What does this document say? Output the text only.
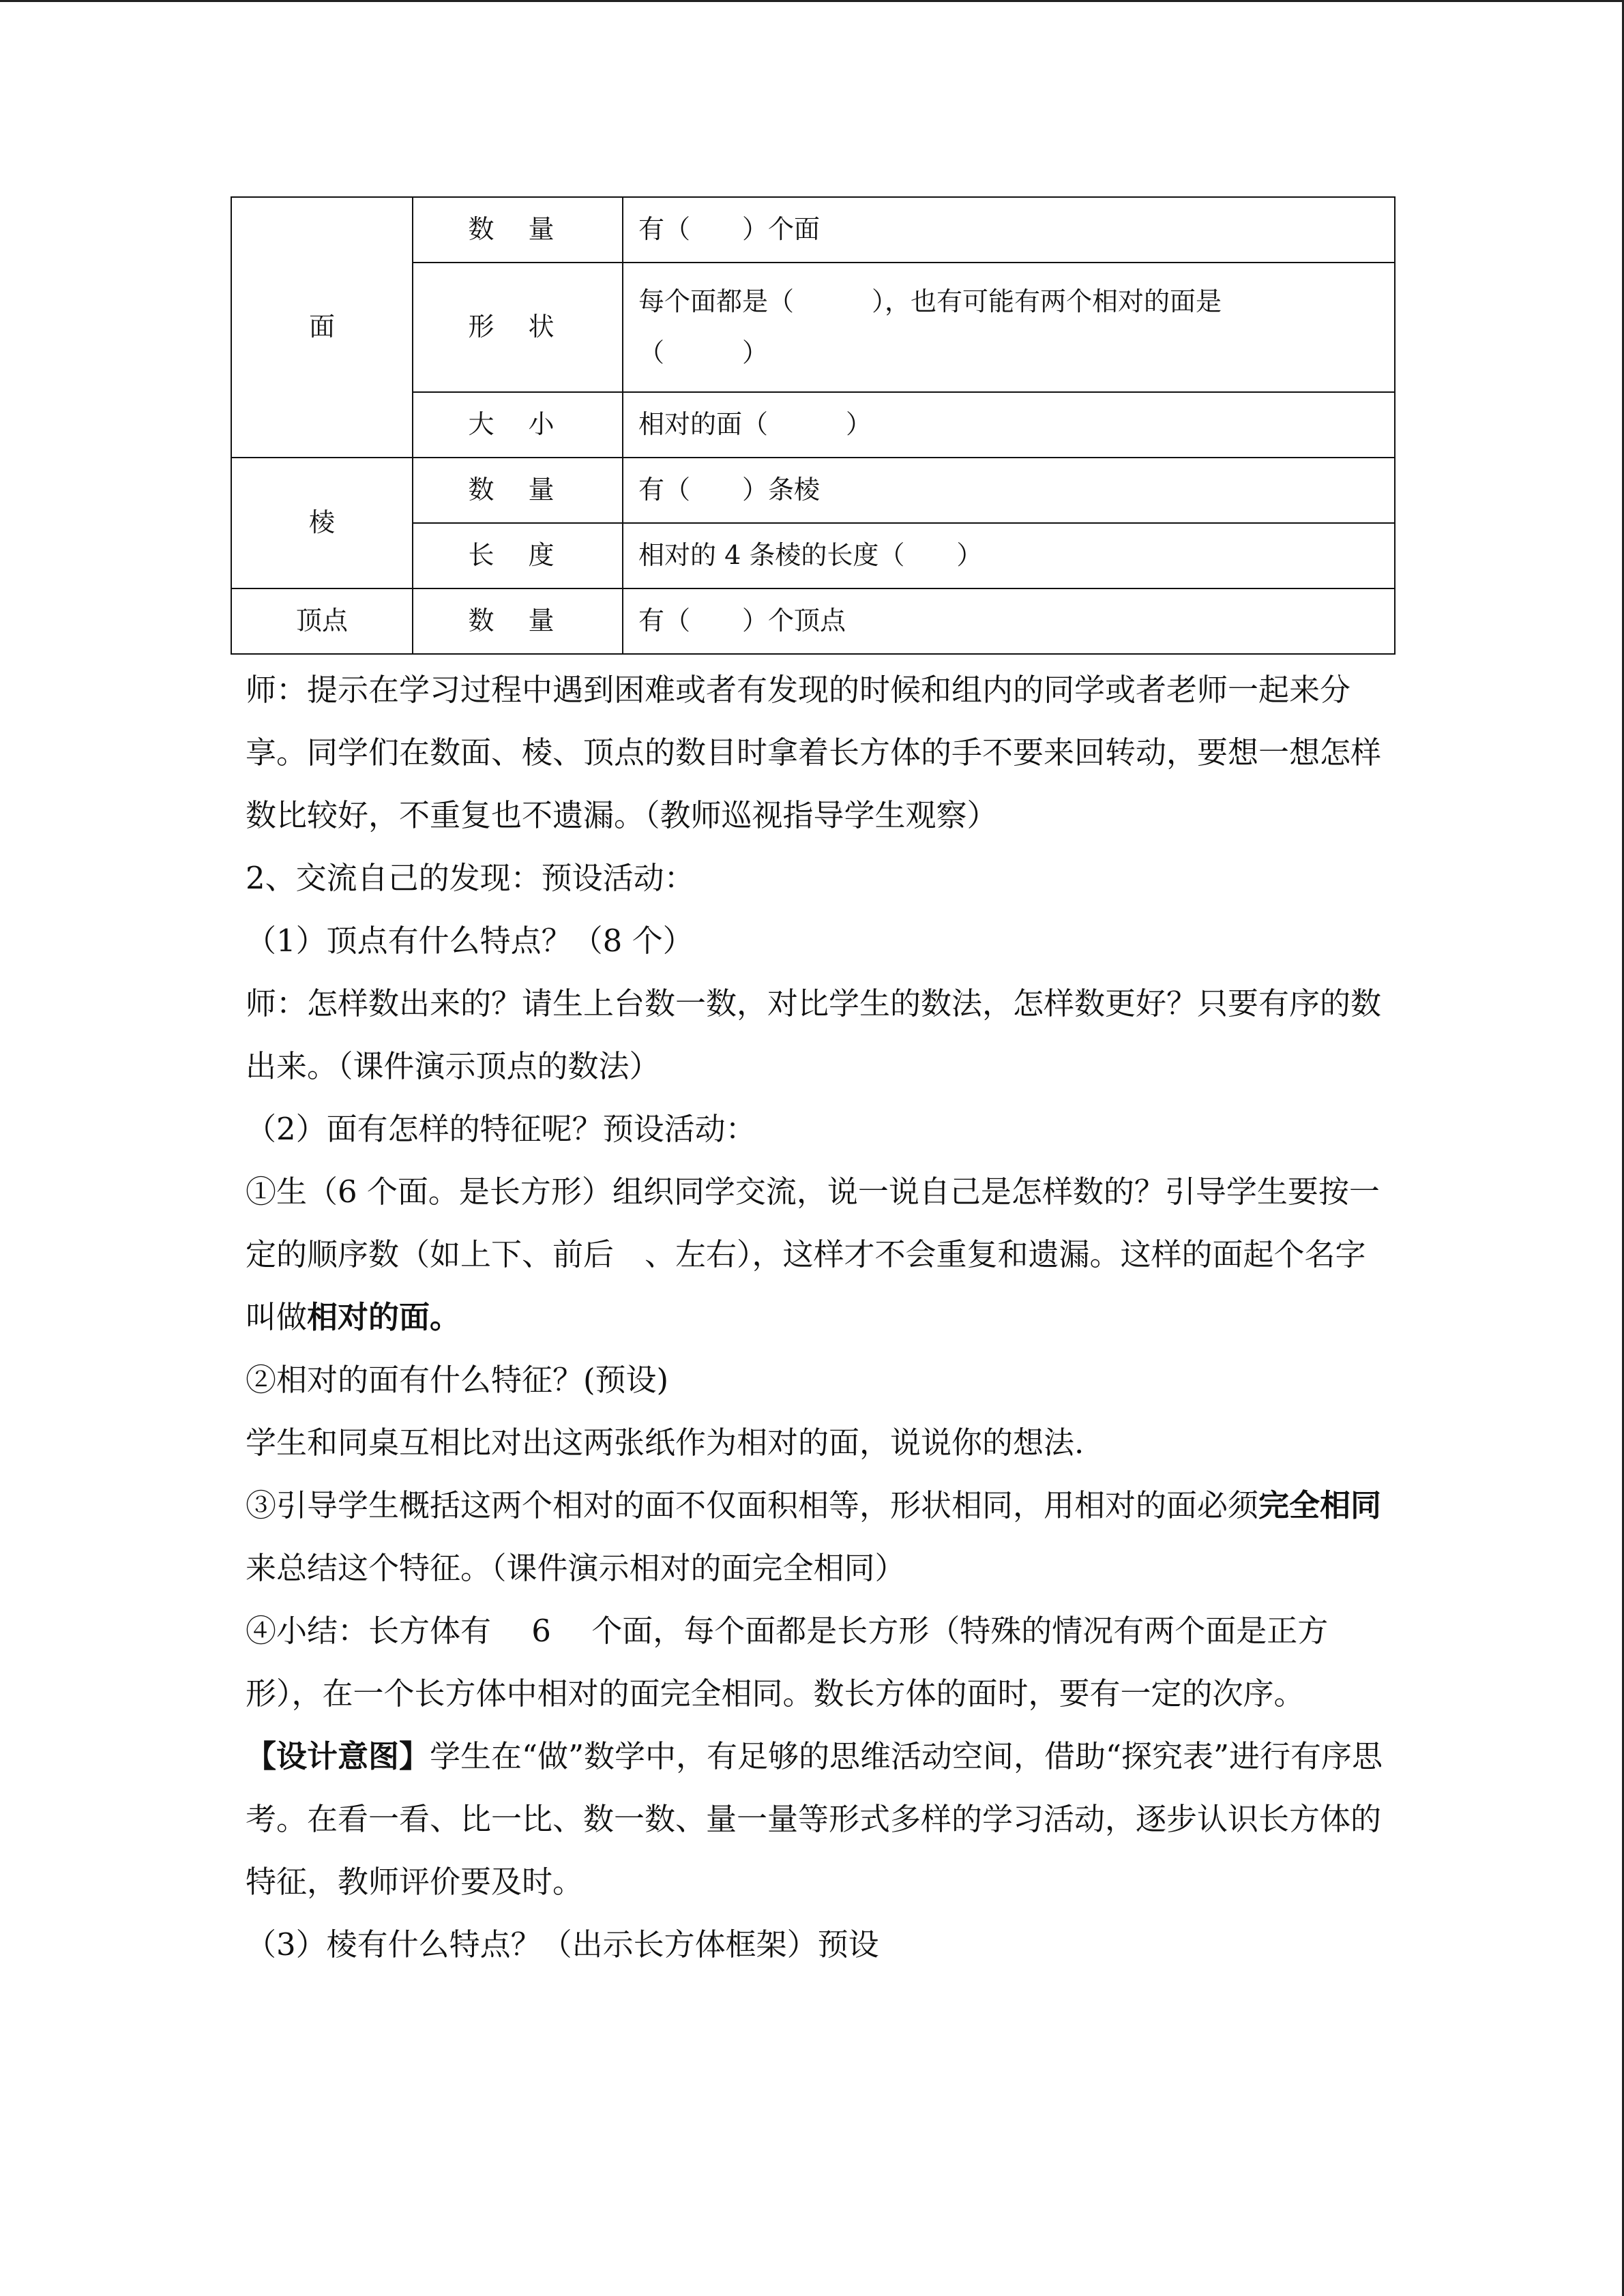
面	数 量	有（　　）个面
	形 状	每个面都是（　　　），也有可能有两个相对的面是
（　　　）

	大 小	相对的面（　　　）
棱	数 量	有（　　）条棱
	长 度	相对的 4 条棱的长度（　　）
顶点	数 量	有（　　）个顶点

师：提示在学习过程中遇到困难或者有发现的时候和组内的同学或者老师一起来分享。同学们在数面、棱、顶点的数目时拿着长方体的手不要来回转动，要想一想怎样数比较好，不重复也不遗漏。（教师巡视指导学生观察）

2、交流自己的发现：预设活动：

（1）顶点有什么特点？（8 个）

师：怎样数出来的？请生上台数一数，对比学生的数法，怎样数更好？只要有序的数出来。（课件演示顶点的数法）

（2）面有怎样的特征呢？预设活动：

①生（6 个面。是长方形）组织同学交流，说一说自己是怎样数的？引导学生要按一定的顺序数（如上下、前后　、左右），这样才不会重复和遗漏。这样的面起个名字叫做相对的面。

②相对的面有什么特征？(预设)

学生和同桌互相比对出这两张纸作为相对的面，说说你的想法.

③引导学生概括这两个相对的面不仅面积相等，形状相同，用相对的面必须完全相同来总结这个特征。（课件演示相对的面完全相同）

④小结：长方体有　 6　 个面，每个面都是长方形（特殊的情况有两个面是正方形），在一个长方体中相对的面完全相同。数长方体的面时，要有一定的次序。

【设计意图】学生在“做”数学中，有足够的思维活动空间，借助“探究表”进行有序思考。在看一看、比一比、数一数、量一量等形式多样的学习活动，逐步认识长方体的特征，教师评价要及时。

（3）棱有什么特点？（出示长方体框架）预设
